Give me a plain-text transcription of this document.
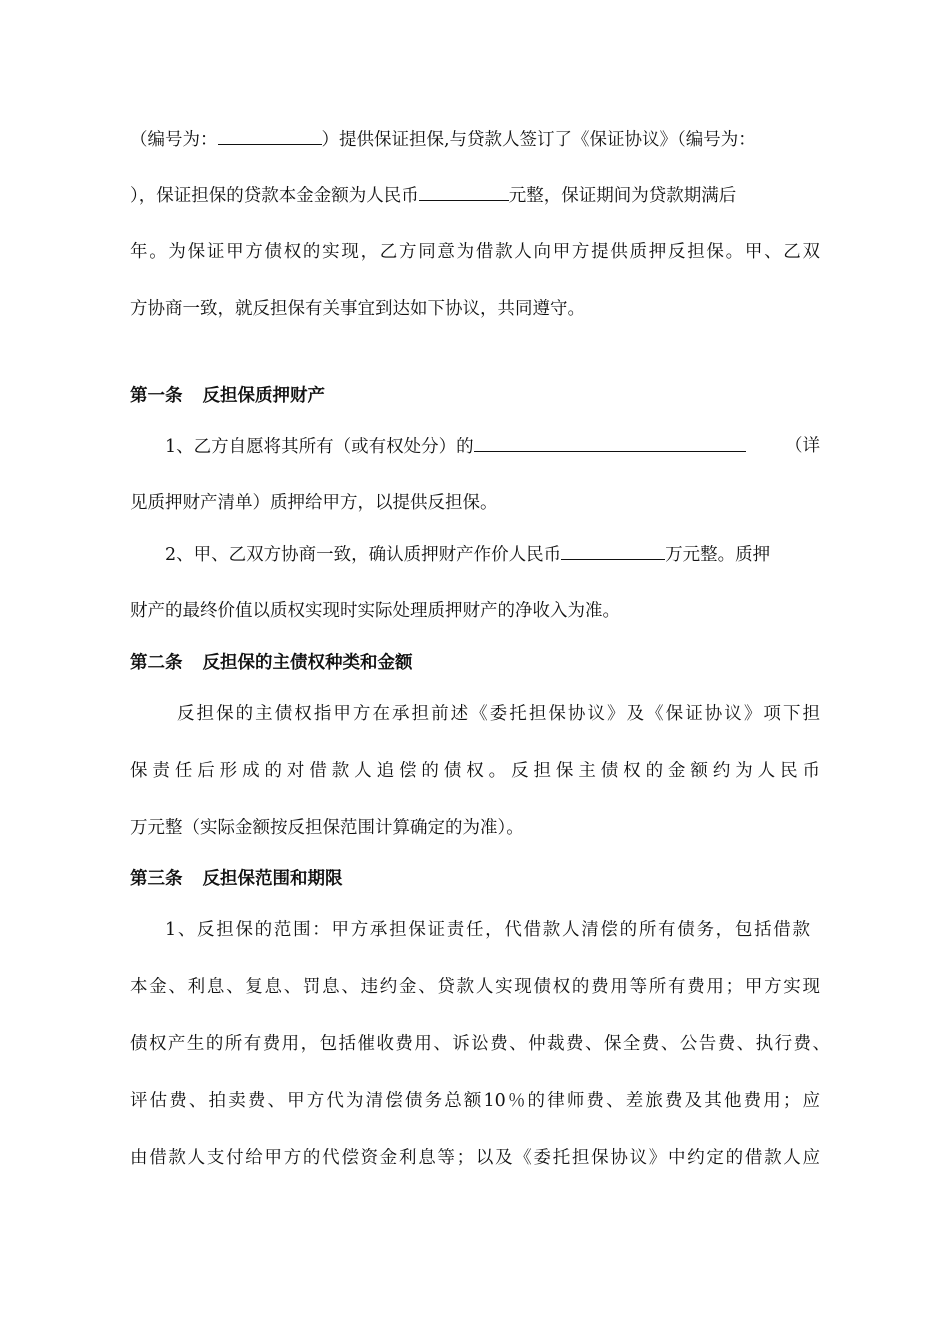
（编号为：	）提供保证担保,与贷款人签订了《保证协议》（编号为：
），保证担保的贷款本金金额为人民币	元整，保证期间为贷款期满后
年。为保证甲方债权的实现，乙方同意为借款人向甲方提供质押反担保。甲、乙双
方协商一致，就反担保有关事宜到达如下协议，共同遵守。
第一条 反担保质押财产
1、乙方自愿将其所有（或有权处分）的	（详
见质押财产清单）质押给甲方，以提供反担保。
2、甲、乙双方协商一致，确认质押财产作价人民币	万元整。质押
财产的最终价值以质权实现时实际处理质押财产的净收入为准。
第二条 反担保的主债权种类和金额
反担保的主债权指甲方在承担前述《委托担保协议》及《保证协议》项下担
保责任后形成的对借款人追偿的债权。反担保主债权的金额约为人民币
万元整（实际金额按反担保范围计算确定的为准）。
第三条 反担保范围和期限
1、反担保的范围：甲方承担保证责任，代借款人清偿的所有债务，包括借款
本金、利息、复息、罚息、违约金、贷款人实现债权的费用等所有费用；甲方实现
债权产生的所有费用，包括催收费用、诉讼费、仲裁费、保全费、公告费、执行费、
评估费、拍卖费、甲方代为清偿债务总额10％的律师费、差旅费及其他费用；应
由借款人支付给甲方的代偿资金利息等；以及《委托担保协议》中约定的借款人应
